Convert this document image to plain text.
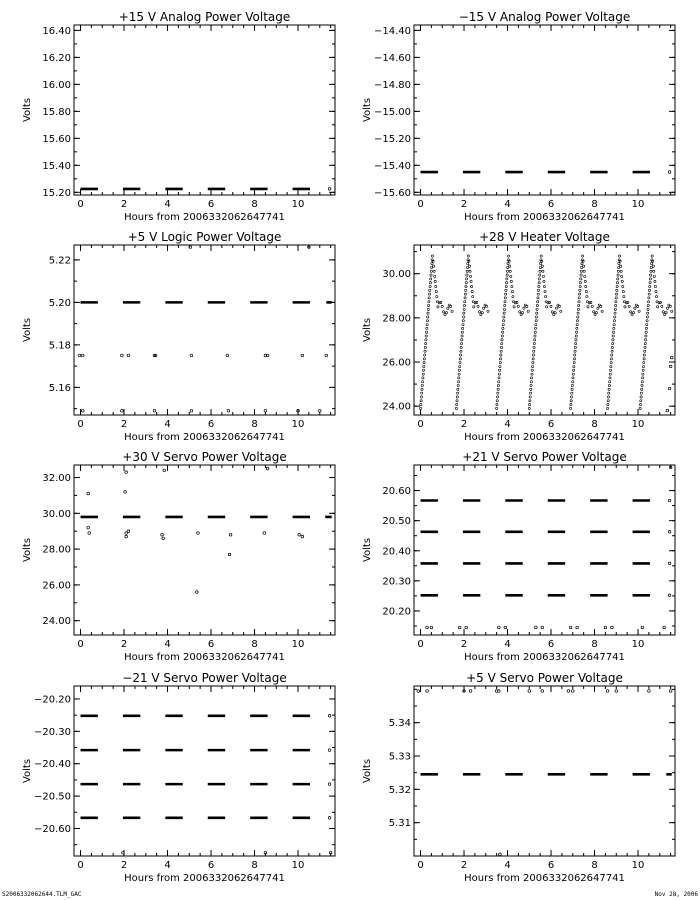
+15 V Analog Power Voltage
0	2	4	6	8	10
15.20
15.40
15.60
15.80
16.00
16.20
16.40
Hours from 2006332062647741
Volts
−15 V Analog Power Voltage
0	2	4	6	8	10
−15.60
−15.40
−15.20
−15.00
−14.80
−14.60
−14.40
Hours from 2006332062647741
Volts
+5 V Logic Power Voltage
0	2	4	6	8	10
5.16
5.18
5.20
5.22
Hours from 2006332062647741
Volts
+28 V Heater Voltage
0	2	4	6	8	10
24.00
26.00
28.00
30.00
Hours from 2006332062647741
Volts
+30 V Servo Power Voltage
0	2	4	6	8	10
24.00
26.00
28.00
30.00
32.00
Hours from 2006332062647741
Volts
+21 V Servo Power Voltage
0	2	4	6	8	10
20.20
20.30
20.40
20.50
20.60
Hours from 2006332062647741
Volts
−21 V Servo Power Voltage
0	2	4	6	8	10
−20.60
−20.50
−20.40
−20.30
−20.20
Hours from 2006332062647741
Volts
+5 V Servo Power Voltage
0	2	4	6	8	10
5.31
5.32
5.33
5.34
Hours from 2006332062647741
Volts
S2006332062644.TLM_GAC	Nov 28, 2006
